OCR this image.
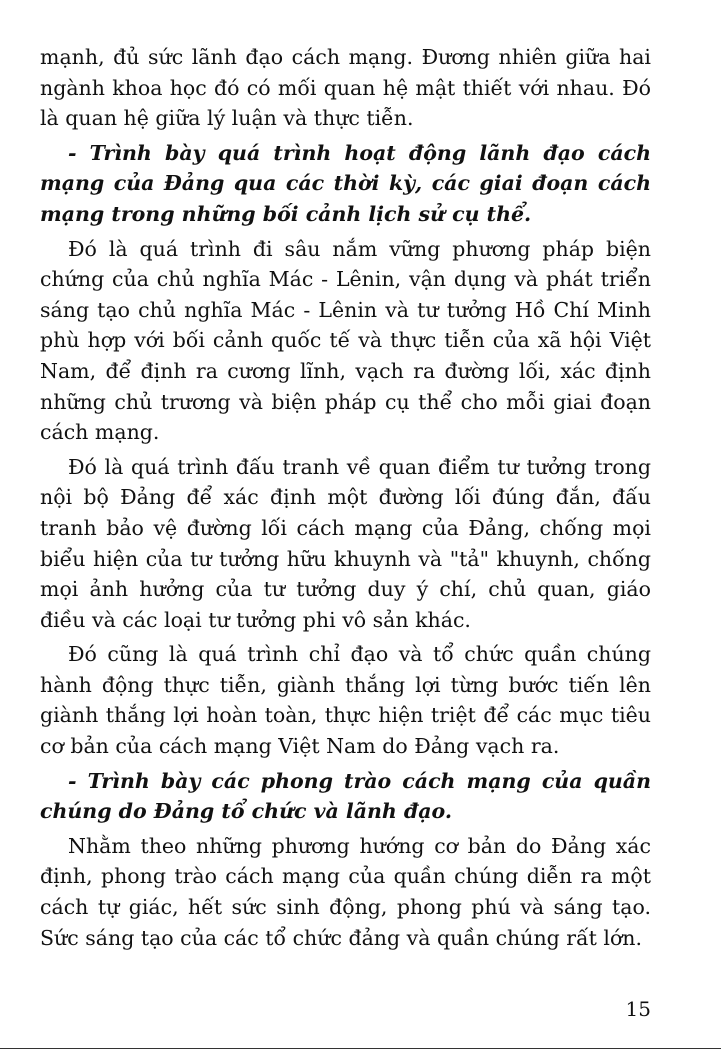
mạnh, đủ sức lãnh đạo cách mạng. Đương nhiên giữa hai ngành khoa học đó có mối quan hệ mật thiết với nhau. Đó là quan hệ giữa lý luận và thực tiễn.

- Trình bày quá trình hoạt động lãnh đạo cách mạng của Đảng qua các thời kỳ, các giai đoạn cách mạng trong những bối cảnh lịch sử cụ thể.

Đó là quá trình đi sâu nắm vững phương pháp biện chứng của chủ nghĩa Mác - Lênin, vận dụng và phát triển sáng tạo chủ nghĩa Mác - Lênin và tư tưởng Hồ Chí Minh phù hợp với bối cảnh quốc tế và thực tiễn của xã hội Việt Nam, để định ra cương lĩnh, vạch ra đường lối, xác định những chủ trương và biện pháp cụ thể cho mỗi giai đoạn cách mạng.

Đó là quá trình đấu tranh về quan điểm tư tưởng trong nội bộ Đảng để xác định một đường lối đúng đắn, đấu tranh bảo vệ đường lối cách mạng của Đảng, chống mọi biểu hiện của tư tưởng hữu khuynh và "tả" khuynh, chống mọi ảnh hưởng của tư tưởng duy ý chí, chủ quan, giáo điều và các loại tư tưởng phi vô sản khác.

Đó cũng là quá trình chỉ đạo và tổ chức quần chúng hành động thực tiễn, giành thắng lợi từng bước tiến lên giành thắng lợi hoàn toàn, thực hiện triệt để các mục tiêu cơ bản của cách mạng Việt Nam do Đảng vạch ra.

- Trình bày các phong trào cách mạng của quần chúng do Đảng tổ chức và lãnh đạo.

Nhằm theo những phương hướng cơ bản do Đảng xác định, phong trào cách mạng của quần chúng diễn ra một cách tự giác, hết sức sinh động, phong phú và sáng tạo. Sức sáng tạo của các tổ chức đảng và quần chúng rất lớn.

15
